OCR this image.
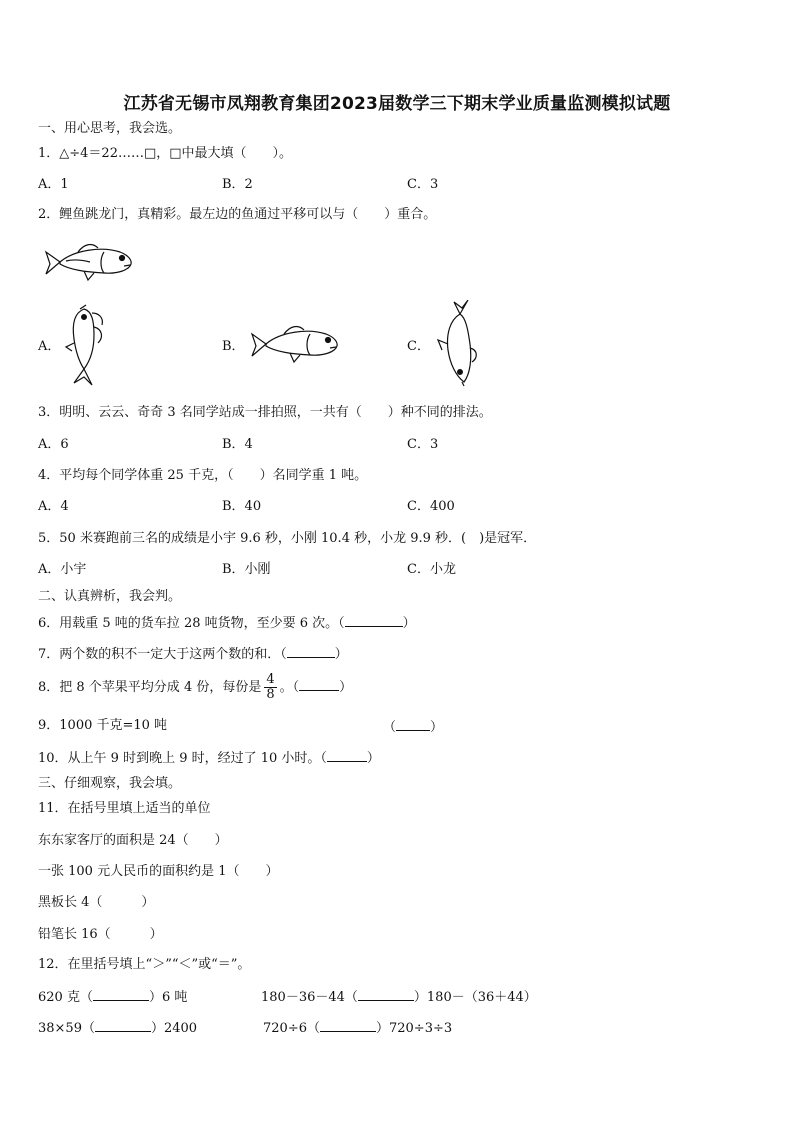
江苏省无锡市凤翔教育集团2023届数学三下期末学业质量监测模拟试题
一、用心思考，我会选。
1．△÷4＝22……□，□中最大填（　　）。
A．1	B．2	C．3
2．鲤鱼跳龙门，真精彩。最左边的鱼通过平移可以与（　　）重合。
A．	B．	C．
3．明明、云云、奇奇 3 名同学站成一排拍照，一共有（　　）种不同的排法。
A．6	B．4	C．3
4．平均每个同学体重 25 千克，（　　）名同学重 1 吨。
A．4	B．40	C．400
5．50 米赛跑前三名的成绩是小宇 9.6 秒，小刚 10.4 秒，小龙 9.9 秒．(　)是冠军．
A．小宇	B．小刚	C．小龙
二、认真辨析，我会判。
6．用载重 5 吨的货车拉 28 吨货物，至少要 6 次。（	）
7．两个数的积不一定大于这两个数的和．（	）
8．把 8 个苹果平均分成 4 份，每份是 $\frac{4}{8}$ 。（	）
9．1000 千克=10 吨	（	）
10．从上午 9 时到晚上 9 时，经过了 10 小时。（	）
三、仔细观察，我会填。
11．在括号里填上适当的单位
东东家客厅的面积是 24（　　）
一张 100 元人民币的面积约是 1（　　）
黑板长 4（　　　）
铅笔长 16（　　　）
12．在里括号填上“＞”“＜”或“＝”。
620 克（	）6 吨	180－36－44（	）180－（36＋44）
38×59（	）2400	720÷6（	）720÷3÷3
